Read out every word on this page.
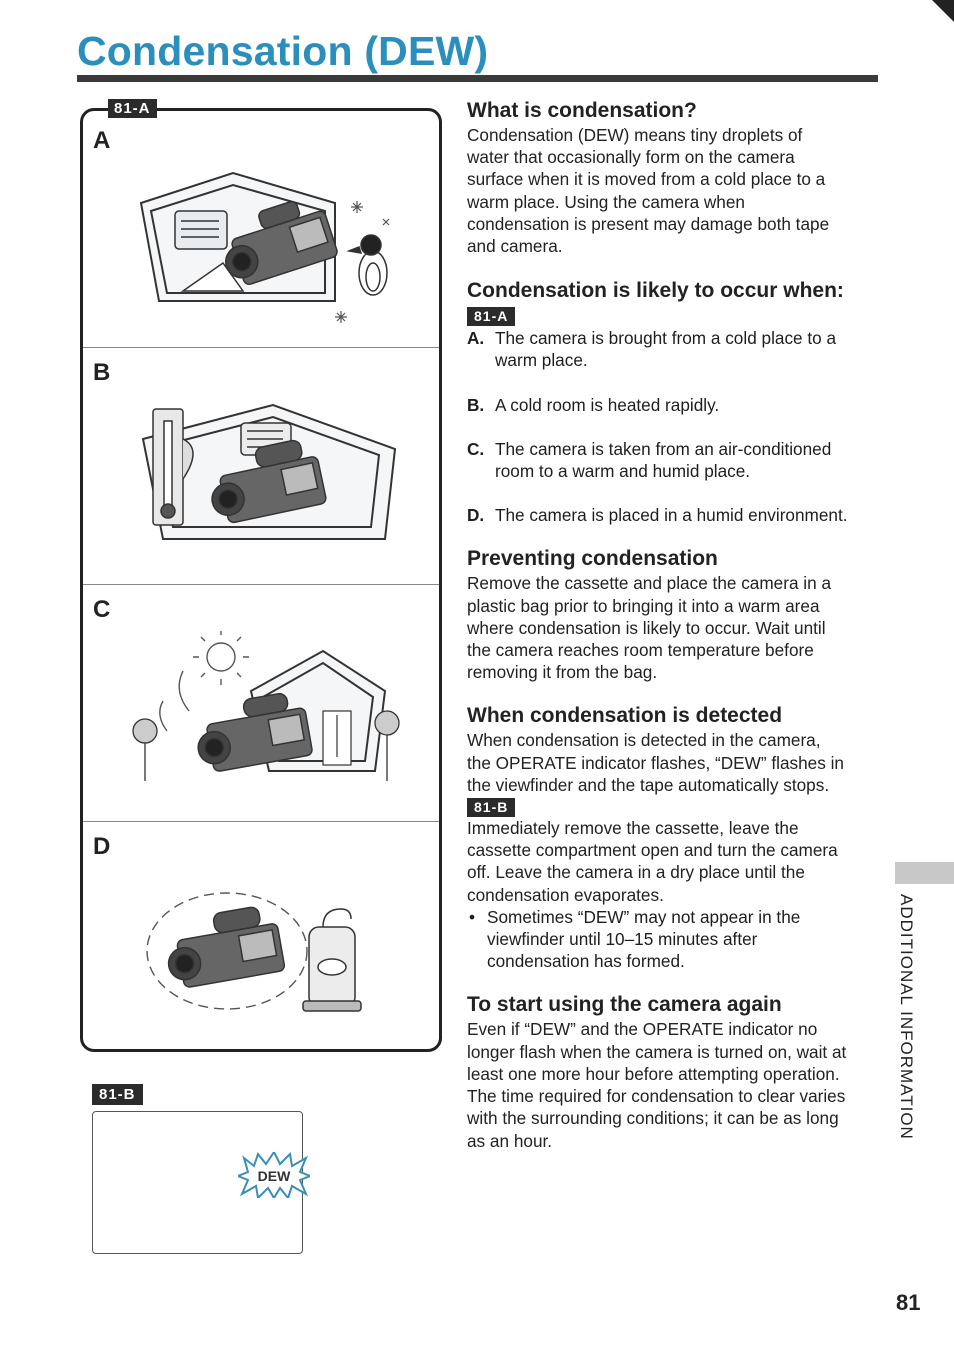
Condensation (DEW)
A
B
C
D
81-A
81-B
DEW
What is condensation?
Condensation (DEW) means tiny droplets of
water that occasionally form on the camera
surface when it is moved from a cold place to a
warm place. Using the camera when
condensation is present may damage both tape
and camera.
Condensation is likely to occur when:
81-A
A. The camera is brought from a cold place to a
warm place.
B. A cold room is heated rapidly.
C. The camera is taken from an air-conditioned
room to a warm and humid place.
D. The camera is placed in a humid environment.
Preventing condensation
Remove the cassette and place the camera in a
plastic bag prior to bringing it into a warm area
where condensation is likely to occur. Wait until
the camera reaches room temperature before
removing it from the bag.
When condensation is detected
When condensation is detected in the camera,
the OPERATE indicator flashes, “DEW” flashes in
the viewfinder and the tape automatically stops.
81-B
Immediately remove the cassette, leave the
cassette compartment open and turn the camera
off. Leave the camera in a dry place until the
condensation evaporates.
• Sometimes “DEW” may not appear in the
viewfinder until 10–15 minutes after
condensation has formed.
To start using the camera again
Even if “DEW” and the OPERATE indicator no
longer flash when the camera is turned on, wait at
least one more hour before attempting operation.
The time required for condensation to clear varies
with the surrounding conditions; it can be as long
as an hour.
ADDITIONAL INFORMATION
81
